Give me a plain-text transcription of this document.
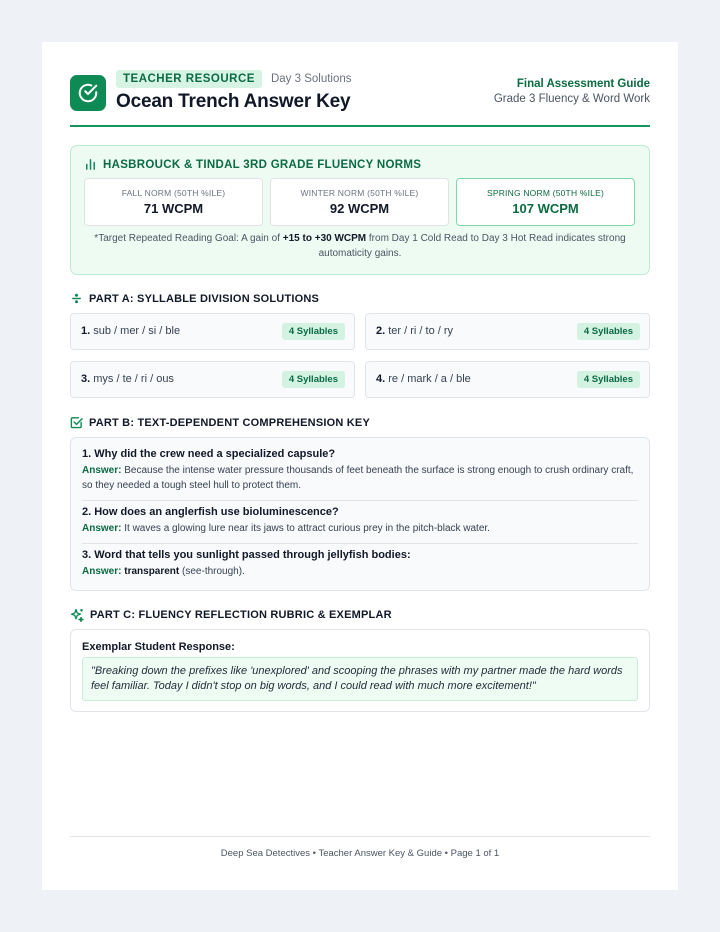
TEACHER RESOURCE	Day 3 Solutions
Ocean Trench Answer Key
Final Assessment Guide
Grade 3 Fluency & Word Work
HASBROUCK & TINDAL 3RD GRADE FLUENCY NORMS
FALL NORM (50TH %ILE)
71 WCPM
WINTER NORM (50TH %ILE)
92 WCPM
SPRING NORM (50TH %ILE)
107 WCPM
*Target Repeated Reading Goal: A gain of +15 to +30 WCPM from Day 1 Cold Read to Day 3 Hot Read indicates strong automaticity gains.
PART A: SYLLABLE DIVISION SOLUTIONS
1. sub / mer / si / ble	4 Syllables	2. ter / ri / to / ry	4 Syllables
3. mys / te / ri / ous	4 Syllables	4. re / mark / a / ble	4 Syllables
PART B: TEXT-DEPENDENT COMPREHENSION KEY
1. Why did the crew need a specialized capsule?
Answer: Because the intense water pressure thousands of feet beneath the surface is strong enough to crush ordinary craft, so they needed a tough steel hull to protect them.
2. How does an anglerfish use bioluminescence?
Answer: It waves a glowing lure near its jaws to attract curious prey in the pitch-black water.
3. Word that tells you sunlight passed through jellyfish bodies:
Answer: transparent (see-through).
PART C: FLUENCY REFLECTION RUBRIC & EXEMPLAR
Exemplar Student Response:
"Breaking down the prefixes like 'unexplored' and scooping the phrases with my partner made the hard words feel familiar. Today I didn't stop on big words, and I could read with much more excitement!"
Deep Sea Detectives • Teacher Answer Key & Guide • Page 1 of 1
